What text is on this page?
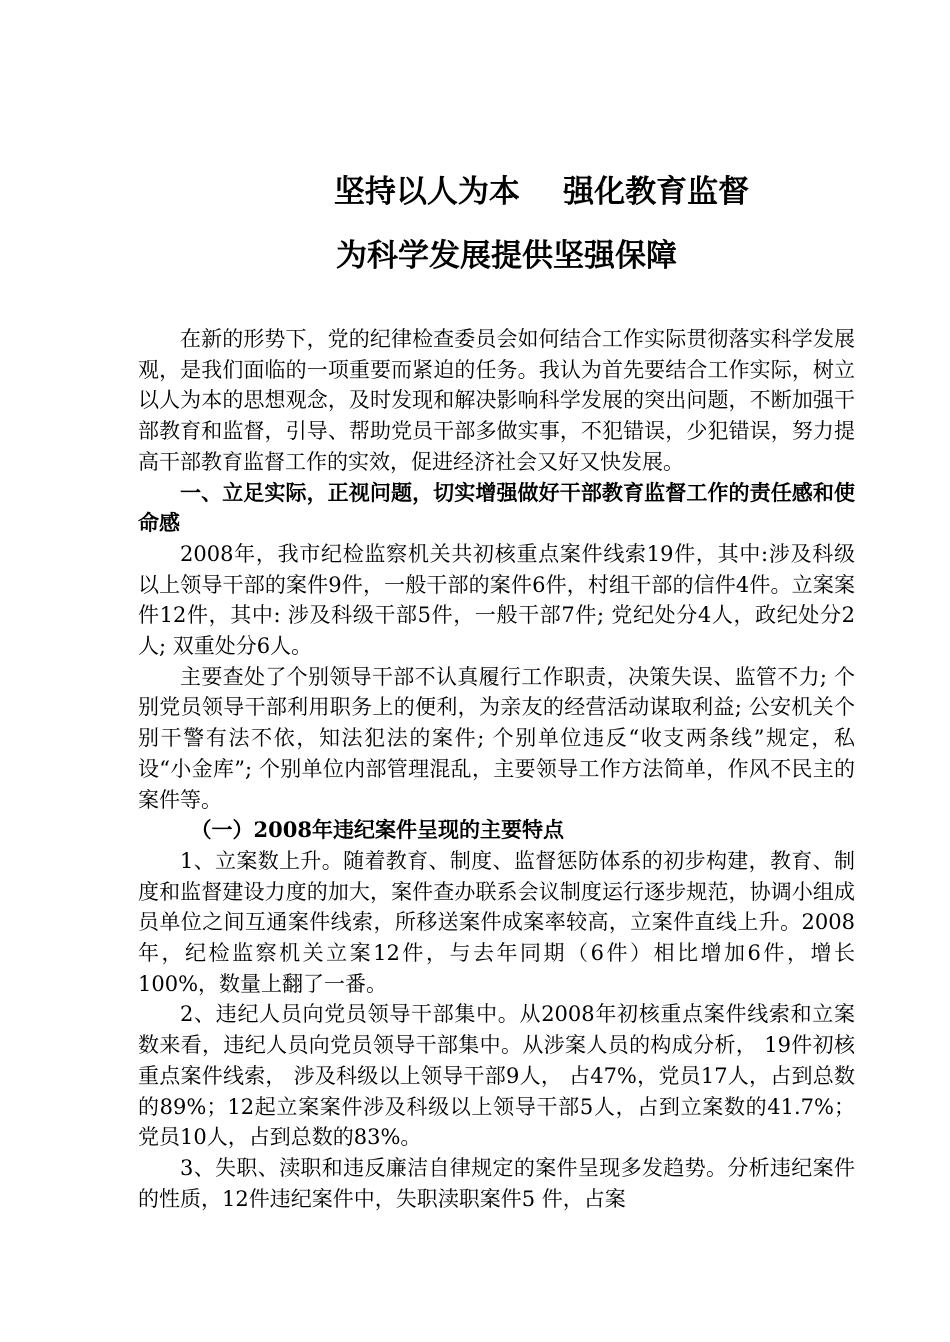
坚持以人为本    强化教育监督
为科学发展提供坚强保障

在新的形势下，党的纪律检查委员会如何结合工作实际贯彻落实科学发展观，是我们面临的一项重要而紧迫的任务。我认为首先要结合工作实际，树立以人为本的思想观念，及时发现和解决影响科学发展的突出问题，不断加强干部教育和监督，引导、帮助党员干部多做实事，不犯错误，少犯错误，努力提高干部教育监督工作的实效，促进经济社会又好又快发展。

一、立足实际，正视问题，切实增强做好干部教育监督工作的责任感和使命感

2008年，我市纪检监察机关共初核重点案件线索19件，其中:涉及科级以上领导干部的案件9件，一般干部的案件6件，村组干部的信件4件。立案案件12件，其中: 涉及科级干部5件，一般干部7件; 党纪处分4人，政纪处分2人; 双重处分6人。

主要查处了个别领导干部不认真履行工作职责，决策失误、监管不力; 个别党员领导干部利用职务上的便利，为亲友的经营活动谋取利益; 公安机关个别干警有法不依，知法犯法的案件; 个别单位违反“收支两条线”规定，私设“小金库”; 个别单位内部管理混乱，主要领导工作方法简单，作风不民主的案件等。

（一）2008年违纪案件呈现的主要特点

1、立案数上升。随着教育、制度、监督惩防体系的初步构建，教育、制度和监督建设力度的加大，案件查办联系会议制度运行逐步规范，协调小组成员单位之间互通案件线索，所移送案件成案率较高，立案件直线上升。2008年，纪检监察机关立案12件，与去年同期（6件）相比增加6件，增长100%，数量上翻了一番。

2、违纪人员向党员领导干部集中。从2008年初核重点案件线索和立案数来看，违纪人员向党员领导干部集中。从涉案人员的构成分析， 19件初核重点案件线索， 涉及科级以上领导干部9人， 占47%，党员17人，占到总数的89%；12起立案案件涉及科级以上领导干部5人，占到立案数的41.7%；党员10人，占到总数的83%。

3、失职、渎职和违反廉洁自律规定的案件呈现多发趋势。分析违纪案件的性质，12件违纪案件中，失职渎职案件5 件，占案
